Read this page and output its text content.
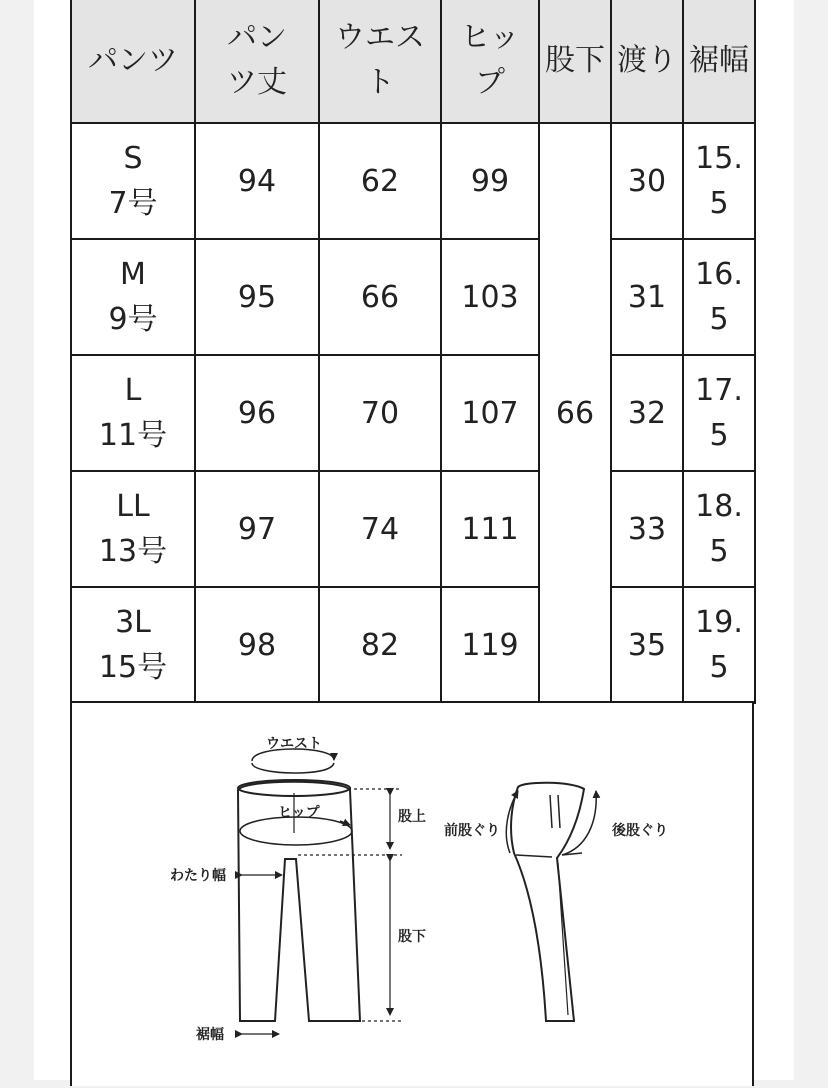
パンツ	パンツ丈	ウエスト	ヒップ	股下	渡り	裾幅

S
7号	94	62	99	66	30	15.5

M
9号	95	66	103		31	16.5

L
11号	96	70	107		32	17.5

LL
13号	97	74	111		33	18.5

3L
15号	98	82	119		35	19.5
ウエスト
ヒップ	股上
股下
わたり幅
裾幅
前股ぐり	後股ぐり
